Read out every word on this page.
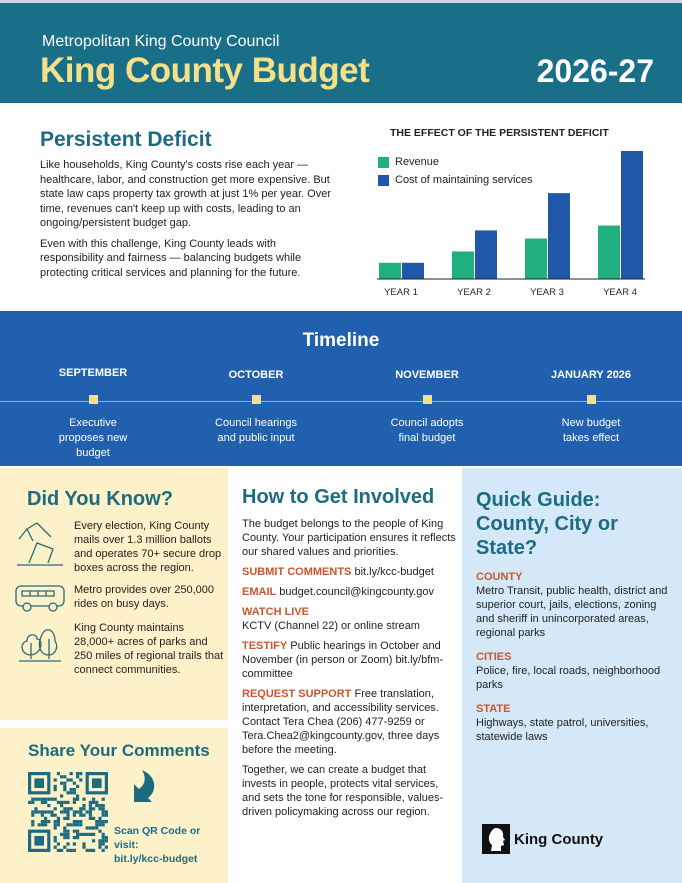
Metropolitan King County Council
King County Budget	2026-27
Persistent Deficit

Like households, King County's costs rise each year — healthcare, labor, and construction get more expensive. But state law caps property tax growth at just 1% per year. Over time, revenues can't keep up with costs, leading to an ongoing/persistent budget gap.

Even with this challenge, King County leads with responsibility and fairness — balancing budgets while protecting critical services and planning for the future.

THE EFFECT OF THE PERSISTENT DEFICIT
Revenue
Cost of maintaining services
YEAR 1	YEAR 2	YEAR 3	YEAR 4
Timeline
SEPTEMBER
Executive proposes new budget
OCTOBER
Council hearings and public input
NOVEMBER
Council adopts final budget
JANUARY 2026
New budget takes effect
Did You Know?
Every election, King County mails over 1.3 million ballots and operates 70+ secure drop boxes across the region.
Metro provides over 250,000 rides on busy days.
King County maintains 28,000+ acres of parks and 250 miles of regional trails that connect communities.
Share Your Comments
Scan QR Code or visit:
bit.ly/kcc-budget
How to Get Involved
The budget belongs to the people of King County. Your participation ensures it reflects our shared values and priorities.
SUBMIT COMMENTS bit.ly/kcc-budget
EMAIL budget.council@kingcounty.gov
WATCH LIVE
KCTV (Channel 22) or online stream
TESTIFY Public hearings in October and November (in person or Zoom) bit.ly/bfm-committee
REQUEST SUPPORT Free translation, interpretation, and accessibility services. Contact Tera Chea (206) 477-9259 or Tera.Chea2@kingcounty.gov, three days before the meeting.
Together, we can create a budget that invests in people, protects vital services, and sets the tone for responsible, values-driven policymaking across our region.
Quick Guide: County, City or State?
COUNTY
Metro Transit, public health, district and superior court, jails, elections, zoning and sheriff in unincorporated areas, regional parks
CITIES
Police, fire, local roads, neighborhood parks
STATE
Highways, state patrol, universities, statewide laws
King County
